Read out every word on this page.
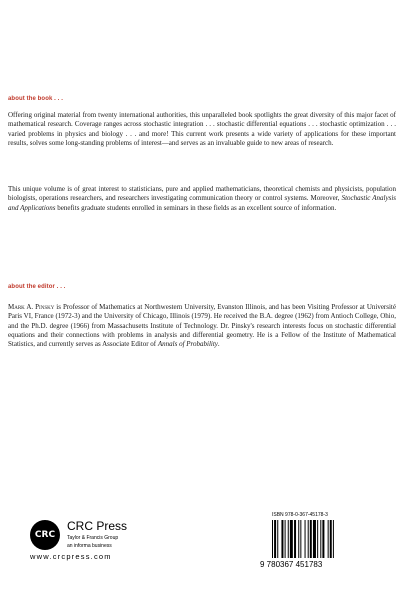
about the book . . .

Offering original material from twenty international authorities, this unparalleled book spotlights the great diversity of this major facet of mathematical research. Coverage ranges across stochastic integration . . . stochastic differential equations . . . stochastic optimization . . . varied problems in physics and biology . . . and more! This current work presents a wide variety of applications for these important results, solves some long-standing problems of interest—and serves as an invaluable guide to new areas of research.

This unique volume is of great interest to statisticians, pure and applied mathematicians, theoretical chemists and physicists, population biologists, operations researchers, and researchers investigating communication theory or control systems. Moreover, Stochastic Analysis and Applications benefits graduate students enrolled in seminars in these fields as an excellent source of information.

about the editor . . .

Mark A. Pinsky is Professor of Mathematics at Northwestern University, Evanston Illinois, and has been Visiting Professor at Université Paris VI, France (1972-3) and the University of Chicago, Illinois (1979). He received the B.A. degree (1962) from Antioch College, Ohio, and the Ph.D. degree (1966) from Massachusetts Institute of Technology. Dr. Pinsky's research interests focus on stochastic differential equations and their connections with problems in analysis and differential geometry. He is a Fellow of the Institute of Mathematical Statistics, and currently serves as Associate Editor of Annals of Probability.

CRC
CRC Press
Taylor & Francis Group
an informa business
www.crcpress.com
ISBN 978-0-367-45178-3
9 780367 451783
